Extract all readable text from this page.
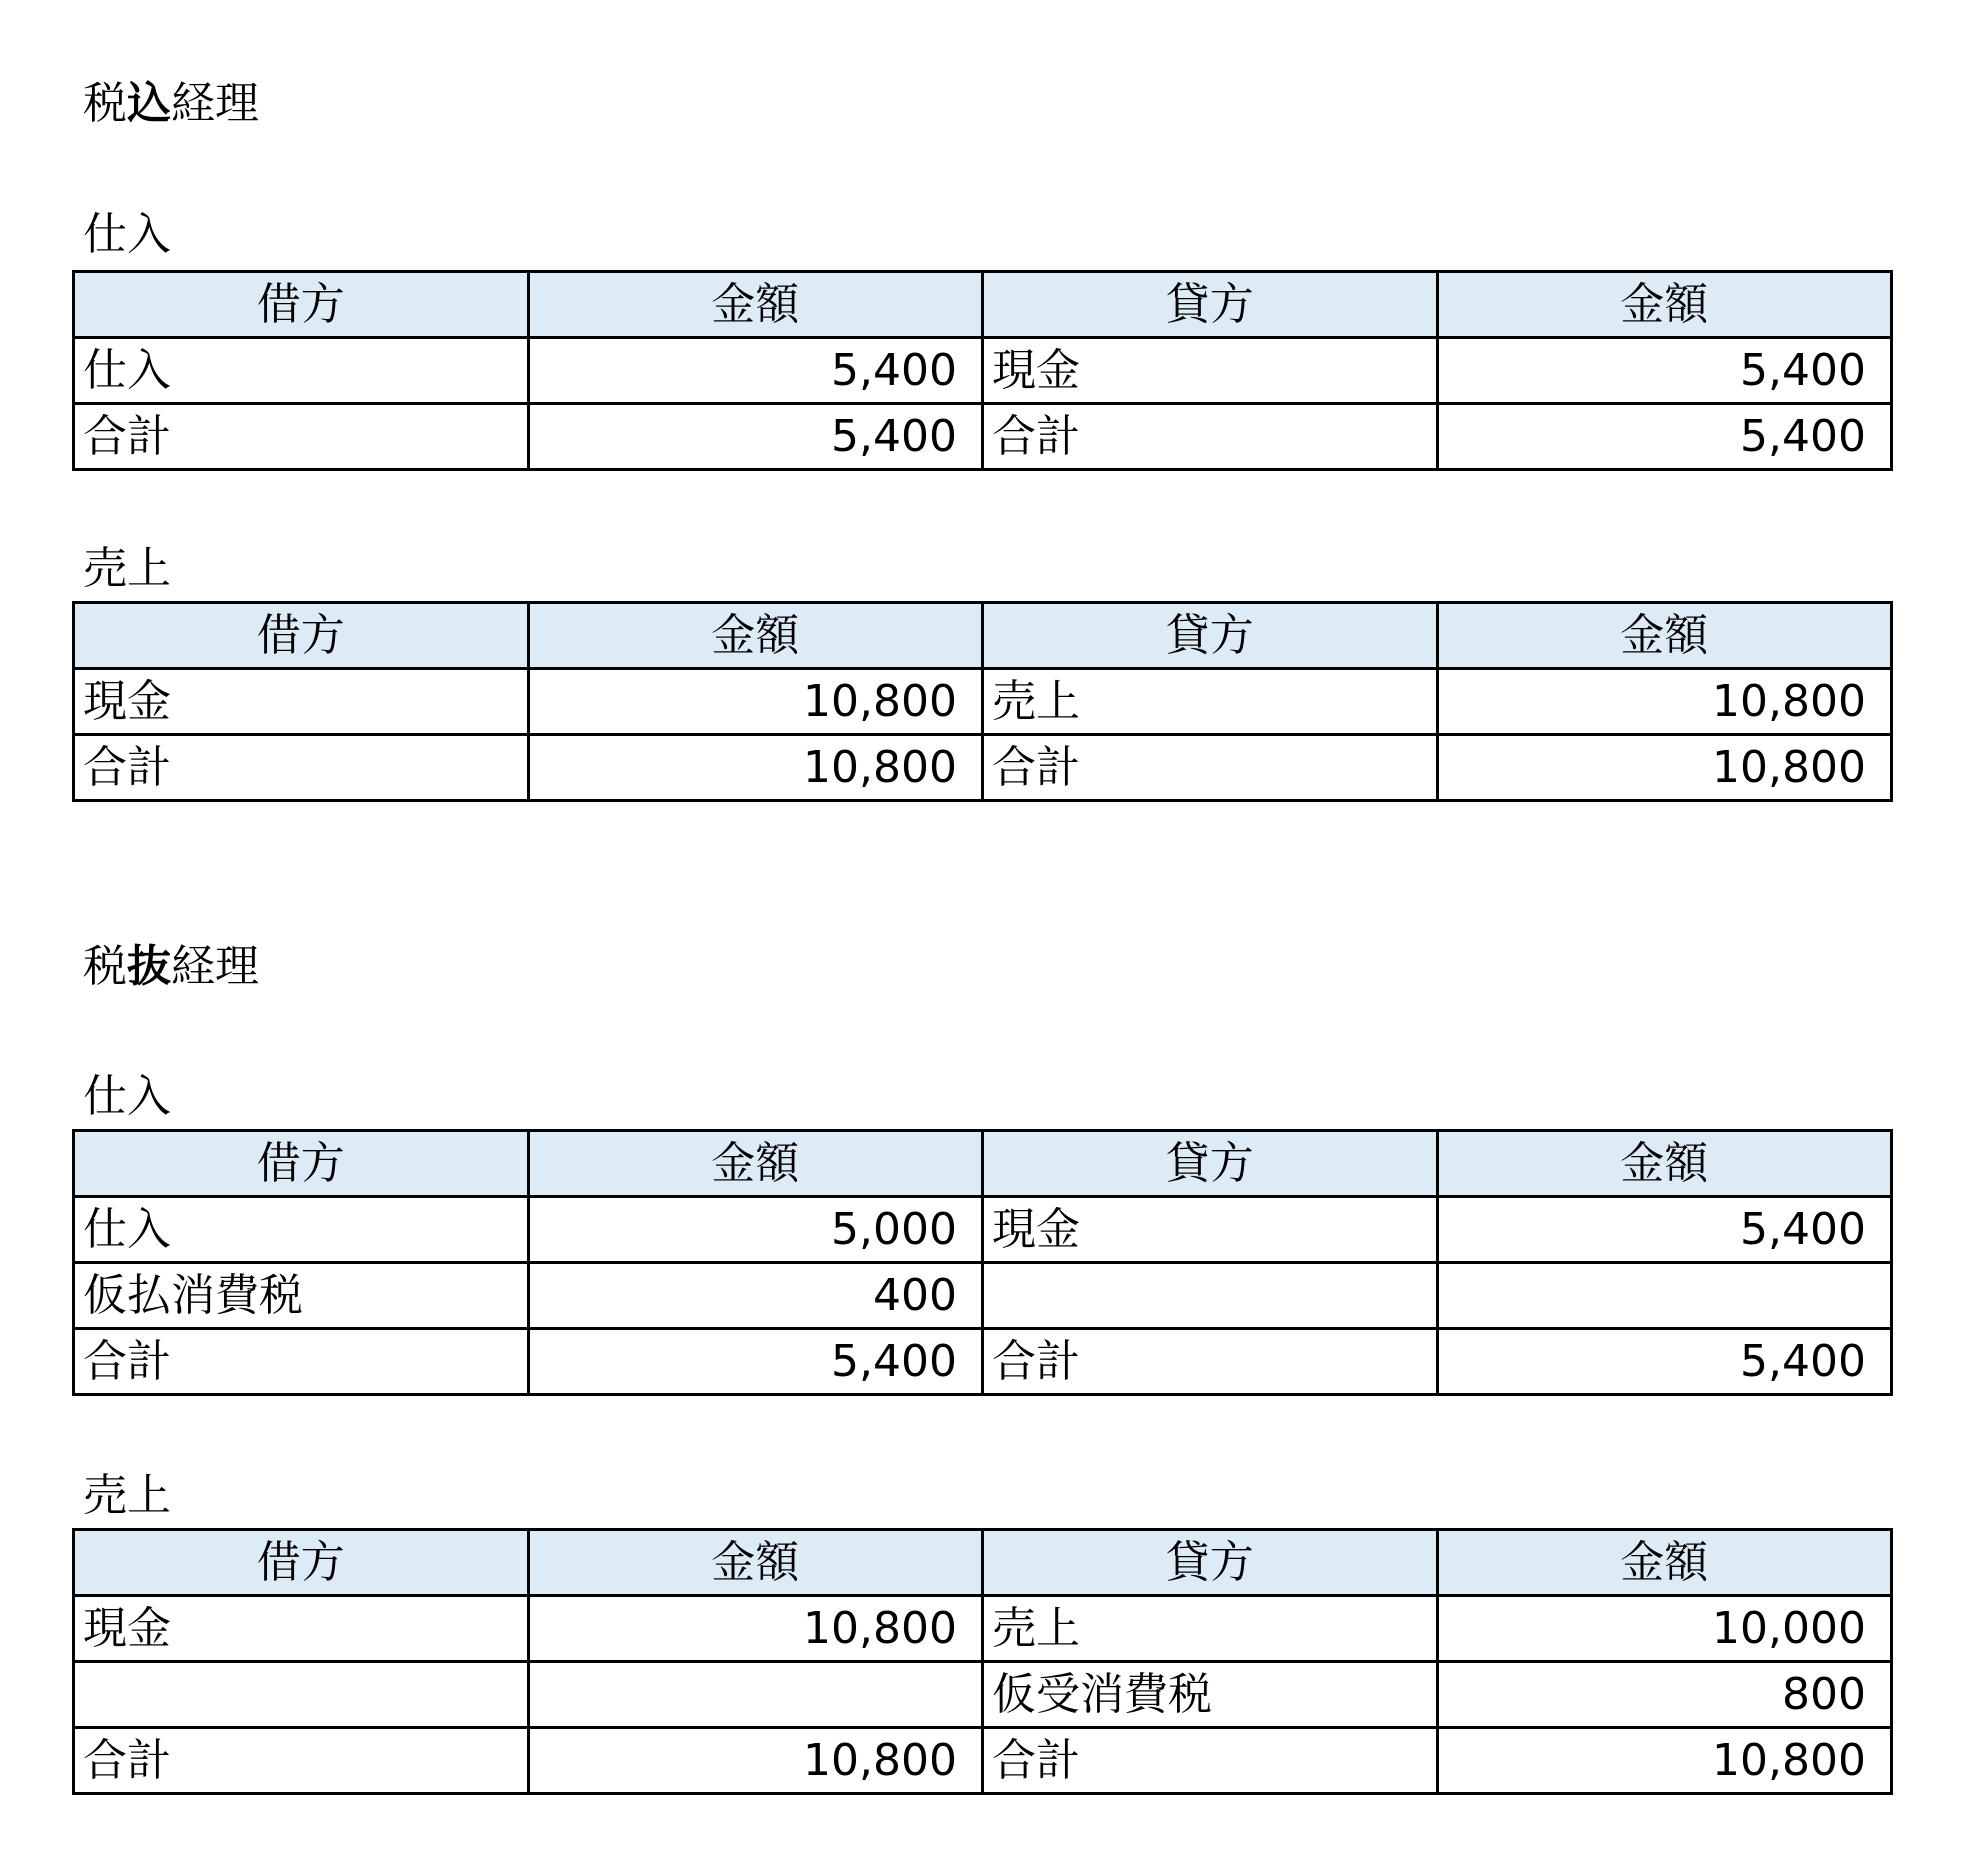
税込経理
仕入
借方	金額	貸方	金額
仕入	5,400	現金	5,400
合計	5,400	合計	5,400
売上
借方	金額	貸方	金額
現金	10,800	売上	10,800
合計	10,800	合計	10,800
税抜経理
仕入
借方	金額	貸方	金額
仕入	5,000	現金	5,400
仮払消費税	400		
合計	5,400	合計	5,400
売上
借方	金額	貸方	金額
現金	10,800	売上	10,000
		仮受消費税	800
合計	10,800	合計	10,800
